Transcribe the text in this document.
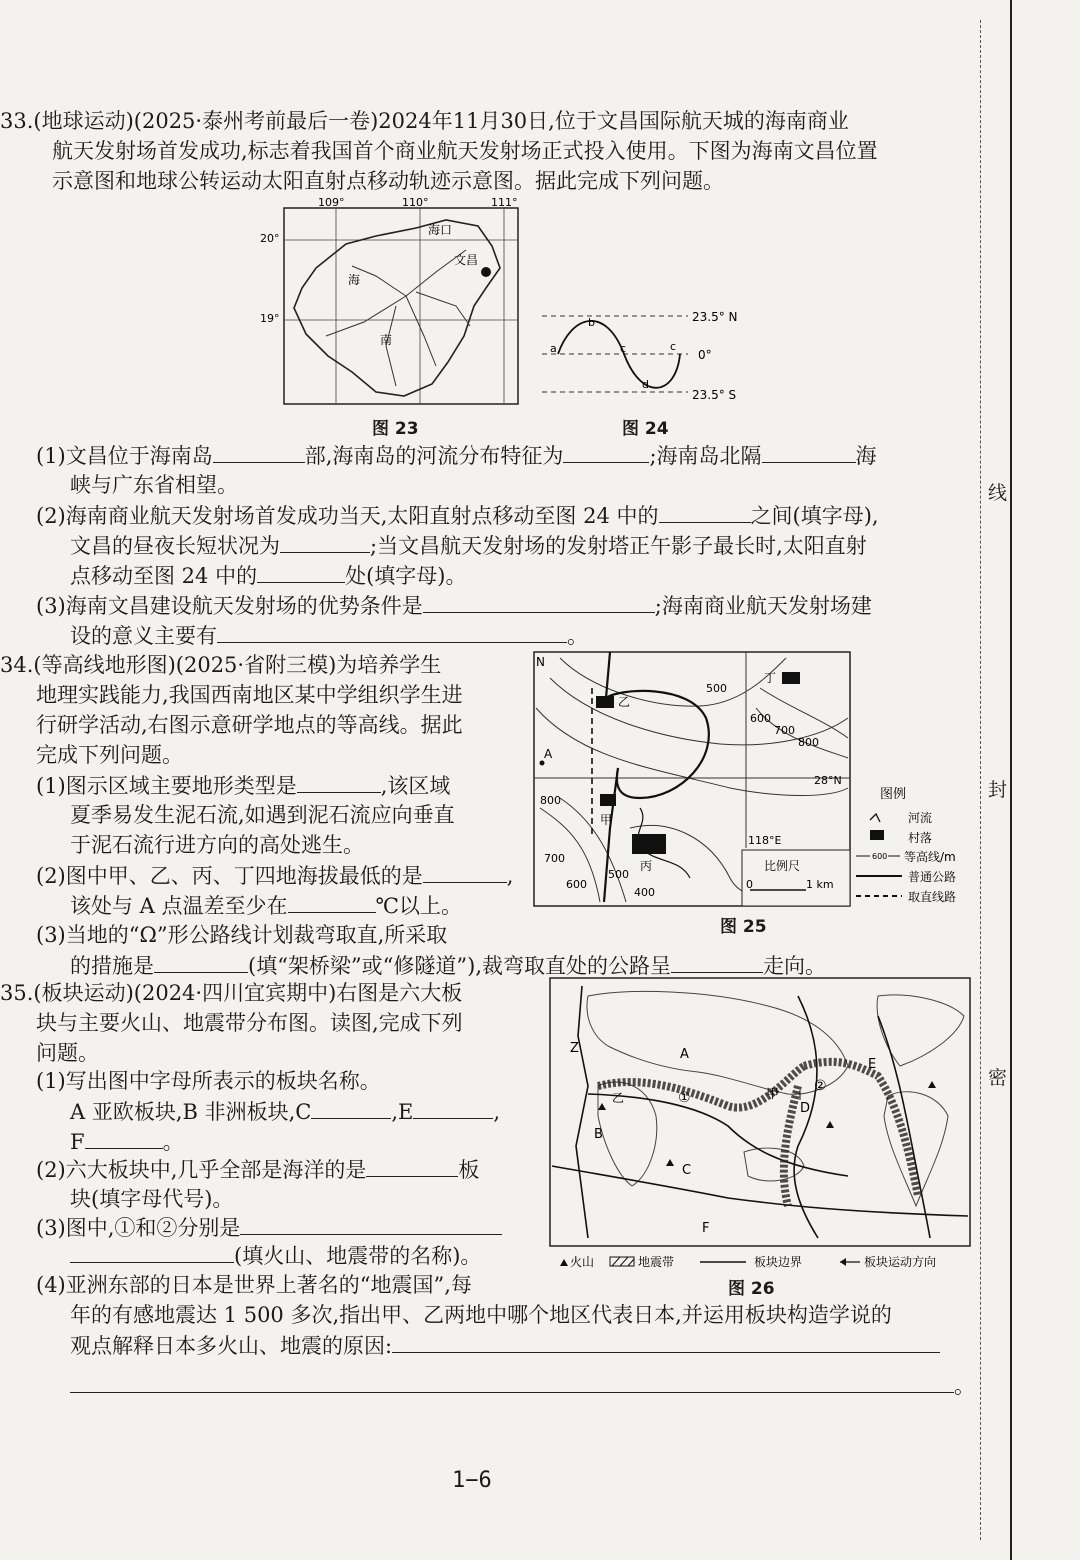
线
封
密
33.(地球运动)(2025·泰州考前最后一卷)2024年11月30日,位于文昌国际航天城的海南商业
航天发射场首发成功,标志着我国首个商业航天发射场正式投入使用。下图为海南文昌位置
示意图和地球公转运动太阳直射点移动轨迹示意图。据此完成下列问题。
109°	110°	111°
20°
19°
海口
文昌
海
南
图 23
23.5° N
0°
23.5° S
a
b
c	c
d
图 24
(1)文昌位于海南岛	部,海南岛的河流分布特征为	;海南岛北隔	海
峡与广东省相望。
(2)海南商业航天发射场首发成功当天,太阳直射点移动至图 24 中的	之间(填字母),
文昌的昼夜长短状况为	;当文昌航天发射场的发射塔正午影子最长时,太阳直射
点移动至图 24 中的	处(填字母)。
(3)海南文昌建设航天发射场的优势条件是	;海南商业航天发射场建
设的意义主要有	。
34.(等高线地形图)(2025·省附三模)为培养学生
地理实践能力,我国西南地区某中学组织学生进
行研学活动,右图示意研学地点的等高线。据此
完成下列问题。
(1)图示区域主要地形类型是	,该区域
夏季易发生泥石流,如遇到泥石流应向垂直
于泥石流行进方向的高处逃生。
(2)图中甲、乙、丙、丁四地海拔最低的是	,
该处与 A 点温差至少在	℃以上。
(3)当地的“Ω”形公路线计划裁弯取直,所采取
的措施是	(填“架桥梁”或“修隧道”),裁弯取直处的公路呈	走向。
N
28°N
118°E
A
乙
甲
丙
丁
500
600
700
800
800
700
600
500
400
比例尺
0	1 km
图例
河流
村落
600 等高线/m
普通公路
取直线路
图 25
35.(板块运动)(2024·四川宜宾期中)右图是六大板
块与主要火山、地震带分布图。读图,完成下列
问题。
(1)写出图中字母所表示的板块名称。
A 亚欧板块,B 非洲板块,C	,E	,
F	。
(2)六大板块中,几乎全部是海洋的是	板
块(填字母代号)。
(3)图中,①和②分别是
(填火山、地震带的名称)。
(4)亚洲东部的日本是世界上著名的“地震国”,每
年的有感地震达 1 500 多次,指出甲、乙两地中哪个地区代表日本,并运用板块构造学说的
观点解释日本多火山、地震的原因:
。
A
B
C
D
E
F
Z
甲
乙	①
②
火山	地震带	板块边界	板块运动方向
图 26
1−6
